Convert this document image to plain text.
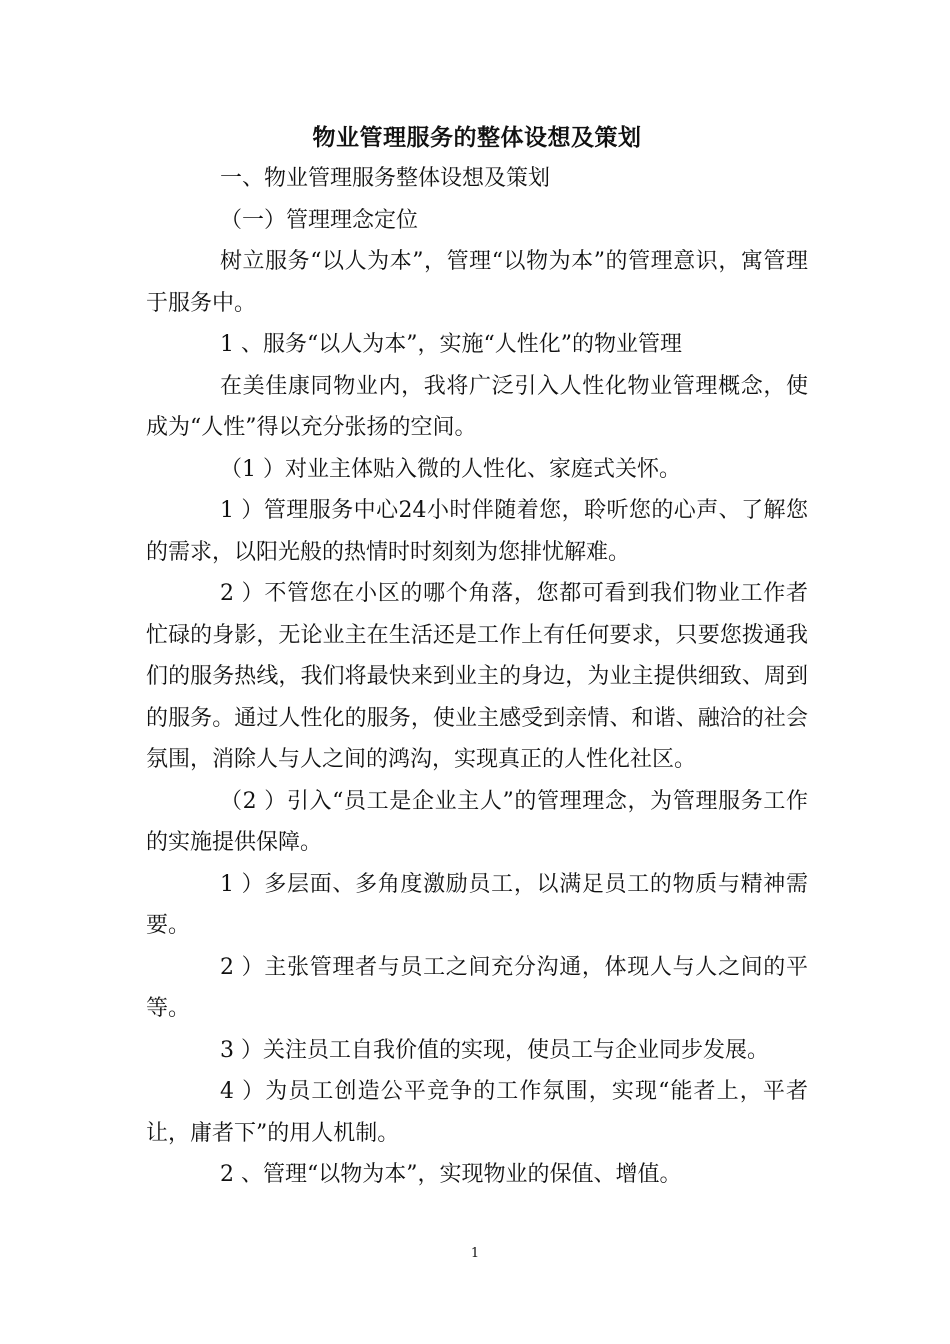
物业管理服务的整体设想及策划

一、物业管理服务整体设想及策划

（一）管理理念定位

树立服务“以人为本”，管理“以物为本”的管理意识，寓管理于服务中。

1 、服务“以人为本”，实施“人性化”的物业管理

在美佳康同物业内，我将广泛引入人性化物业管理概念，使成为“人性”得以充分张扬的空间。

（1 ）对业主体贴入微的人性化、家庭式关怀。

1 ）管理服务中心24小时伴随着您，聆听您的心声、了解您的需求，以阳光般的热情时时刻刻为您排忧解难。

2 ）不管您在小区的哪个角落，您都可看到我们物业工作者忙碌的身影，无论业主在生活还是工作上有任何要求，只要您拨通我们的服务热线，我们将最快来到业主的身边，为业主提供细致、周到的服务。通过人性化的服务，使业主感受到亲情、和谐、融洽的社会氛围，消除人与人之间的鸿沟，实现真正的人性化社区。

（2 ）引入“员工是企业主人”的管理理念，为管理服务工作的实施提供保障。

1 ）多层面、多角度激励员工，以满足员工的物质与精神需要。

2 ）主张管理者与员工之间充分沟通，体现人与人之间的平等。

3 ）关注员工自我价值的实现，使员工与企业同步发展。

4 ）为员工创造公平竞争的工作氛围，实现“能者上，平者让，庸者下”的用人机制。

2 、管理“以物为本”，实现物业的保值、增值。

1
